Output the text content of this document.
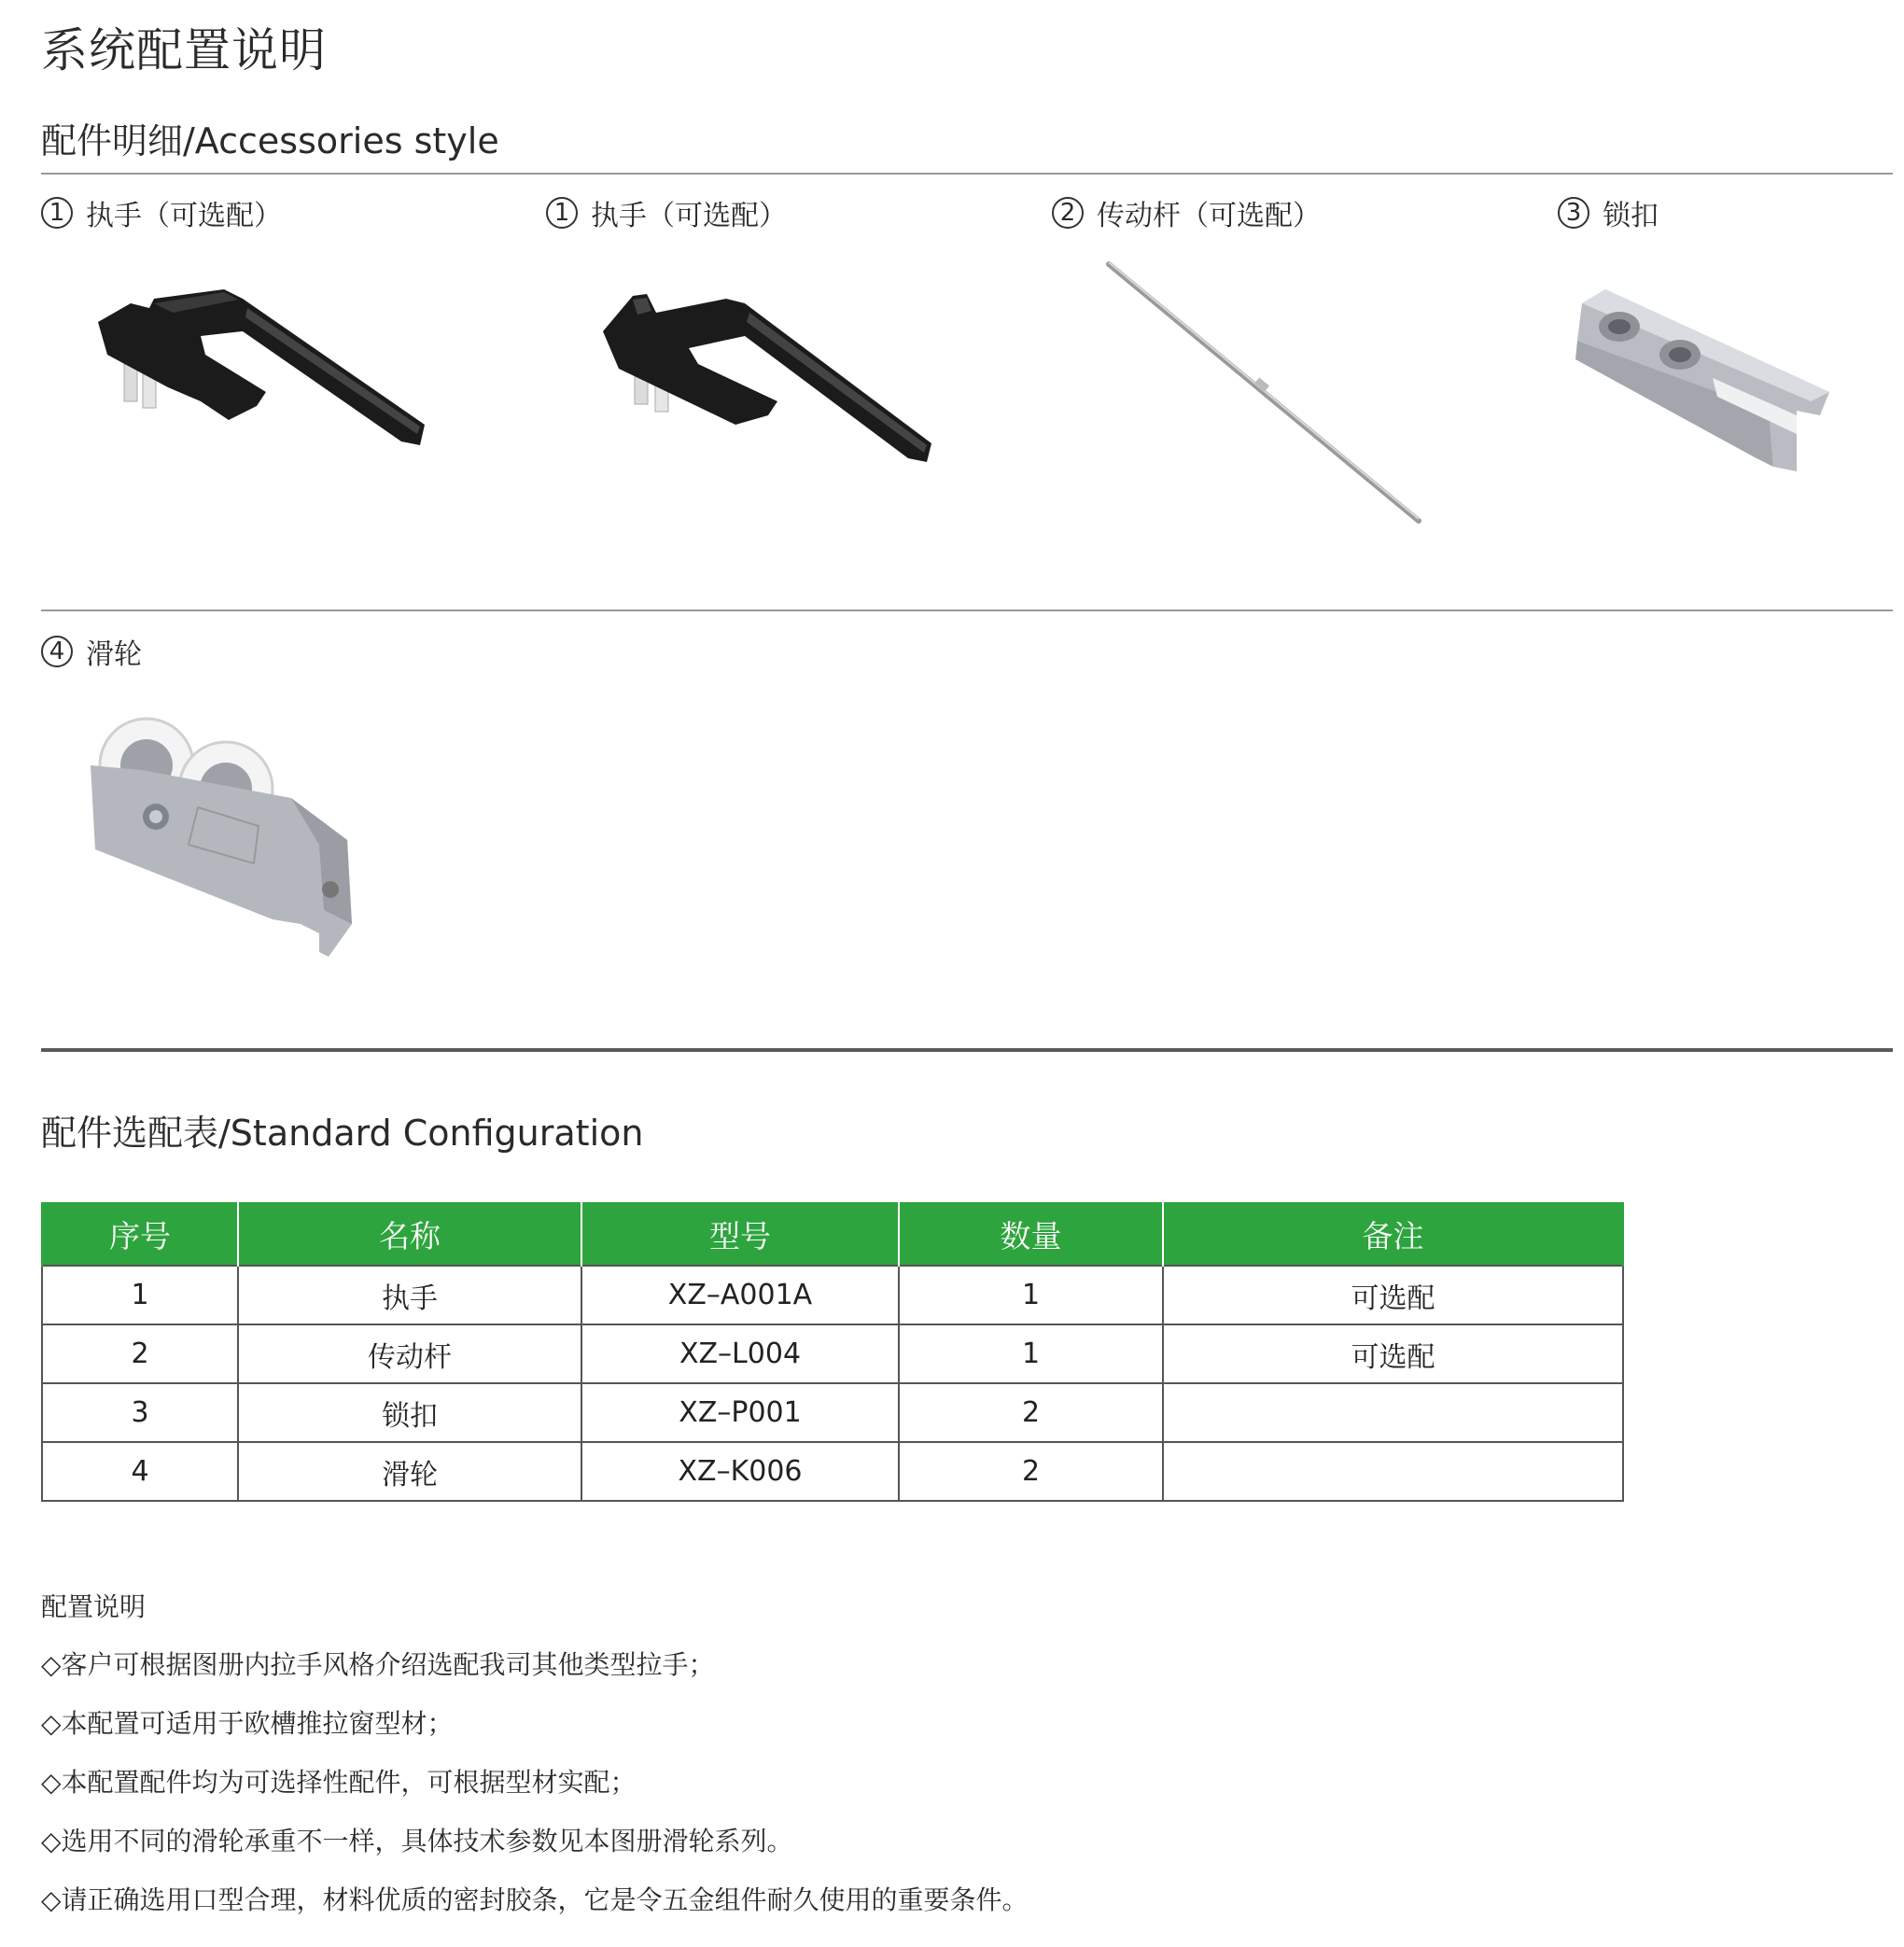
系统配置说明
配件明细/Accessories style
1 执手（可选配）	1 执手（可选配）	2 传动杆（可选配）	3 锁扣
4 滑轮
配件选配表/Standard Configuration
序号	名称	型号	数量	备注
1	执手	XZ–A001A	1	可选配
2	传动杆	XZ–L004	1	可选配
3	锁扣	XZ–P001	2	
4	滑轮	XZ–K006	2	
配置说明
◇客户可根据图册内拉手风格介绍选配我司其他类型拉手；
◇本配置可适用于欧槽推拉窗型材；
◇本配置配件均为可选择性配件，可根据型材实配；
◇选用不同的滑轮承重不一样，具体技术参数见本图册滑轮系列。
◇请正确选用口型合理，材料优质的密封胶条，它是令五金组件耐久使用的重要条件。
